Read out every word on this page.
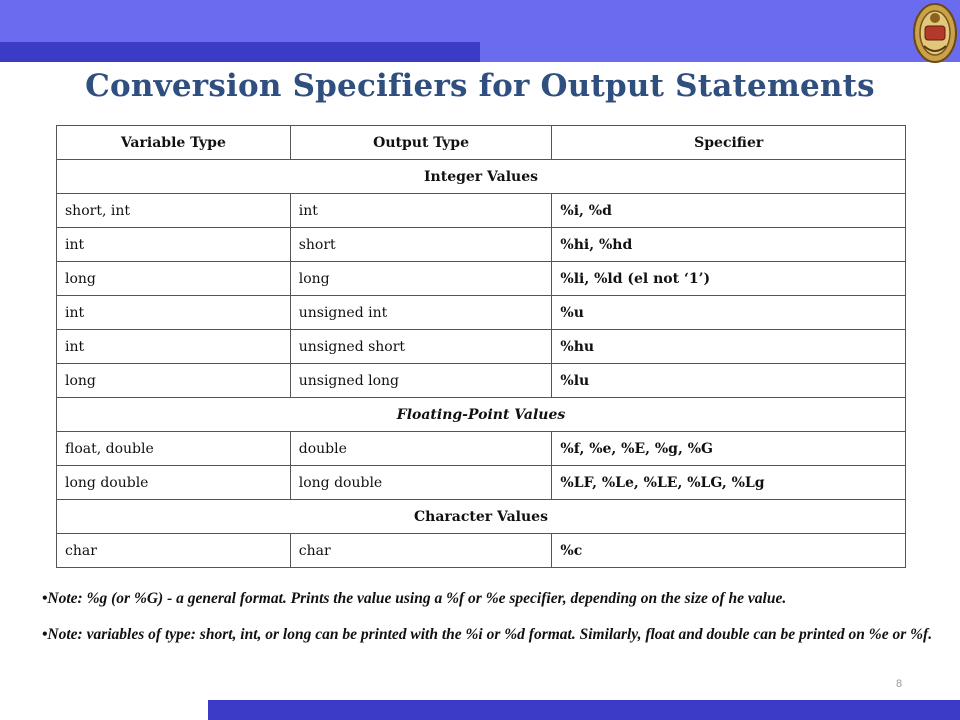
Conversion Specifiers for Output Statements
Variable Type	Output Type	Specifier
Integer Values		
short, int	int	%i, %d
int	short	%hi, %hd
long	long	%li, %ld (el not ‘1’)
int	unsigned int	%u
int	unsigned short	%hu
long	unsigned long	%lu
Floating-Point Values		
float, double	double	%f, %e, %E, %g, %G
long double	long double	%LF, %Le, %LE, %LG, %Lg
Character Values		
char	char	%c

•Note: %g (or %G) - a general format. Prints the value using a %f or %e specifier, depending on the size of he value.

•Note: variables of type: short, int, or long can be printed with the %i or %d format. Similarly, float and double can be printed on %e or %f.

8
